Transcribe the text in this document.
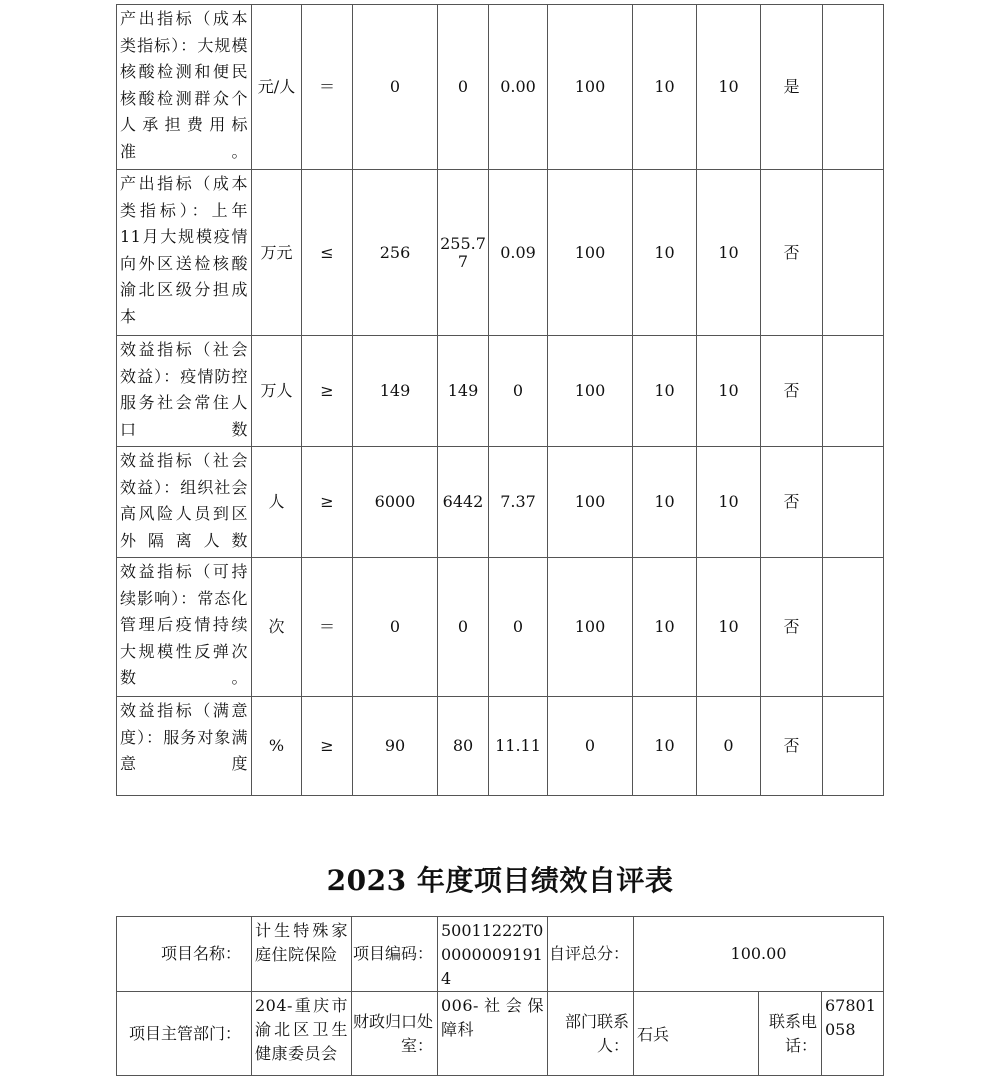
产出指标（成本类指标）：大规模核酸检测和便民核酸检测群众个人承担费用标准。	元/人	＝	0	0	0.00	100	10	10	是	
产出指标（成本类指标）：上年11月大规模疫情向外区送检核酸渝北区级分担成本	万元	≤	256	255.77	0.09	100	10	10	否	
效益指标（社会效益）：疫情防控服务社会常住人口数	万人	≥	149	149	0	100	10	10	否	
效益指标（社会效益）：组织社会高风险人员到区外隔离人数	人	≥	6000	6442	7.37	100	10	10	否	
效益指标（可持续影响）：常态化管理后疫情持续大规模性反弹次数。	次	＝	0	0	0	100	10	10	否	
效益指标（满意度）：服务对象满意度	%	≥	90	80	11.11	0	10	0	否	
2023 年度项目绩效自评表
项目名称：	计生特殊家庭住院保险	项目编码：	50011222T000000091914	自评总分：	100.00		
项目主管部门：	204-重庆市渝北区卫生健康委员会	财政归口处室：	006-社会保障科	部门联系人：	石兵	联系电话：	67801058
